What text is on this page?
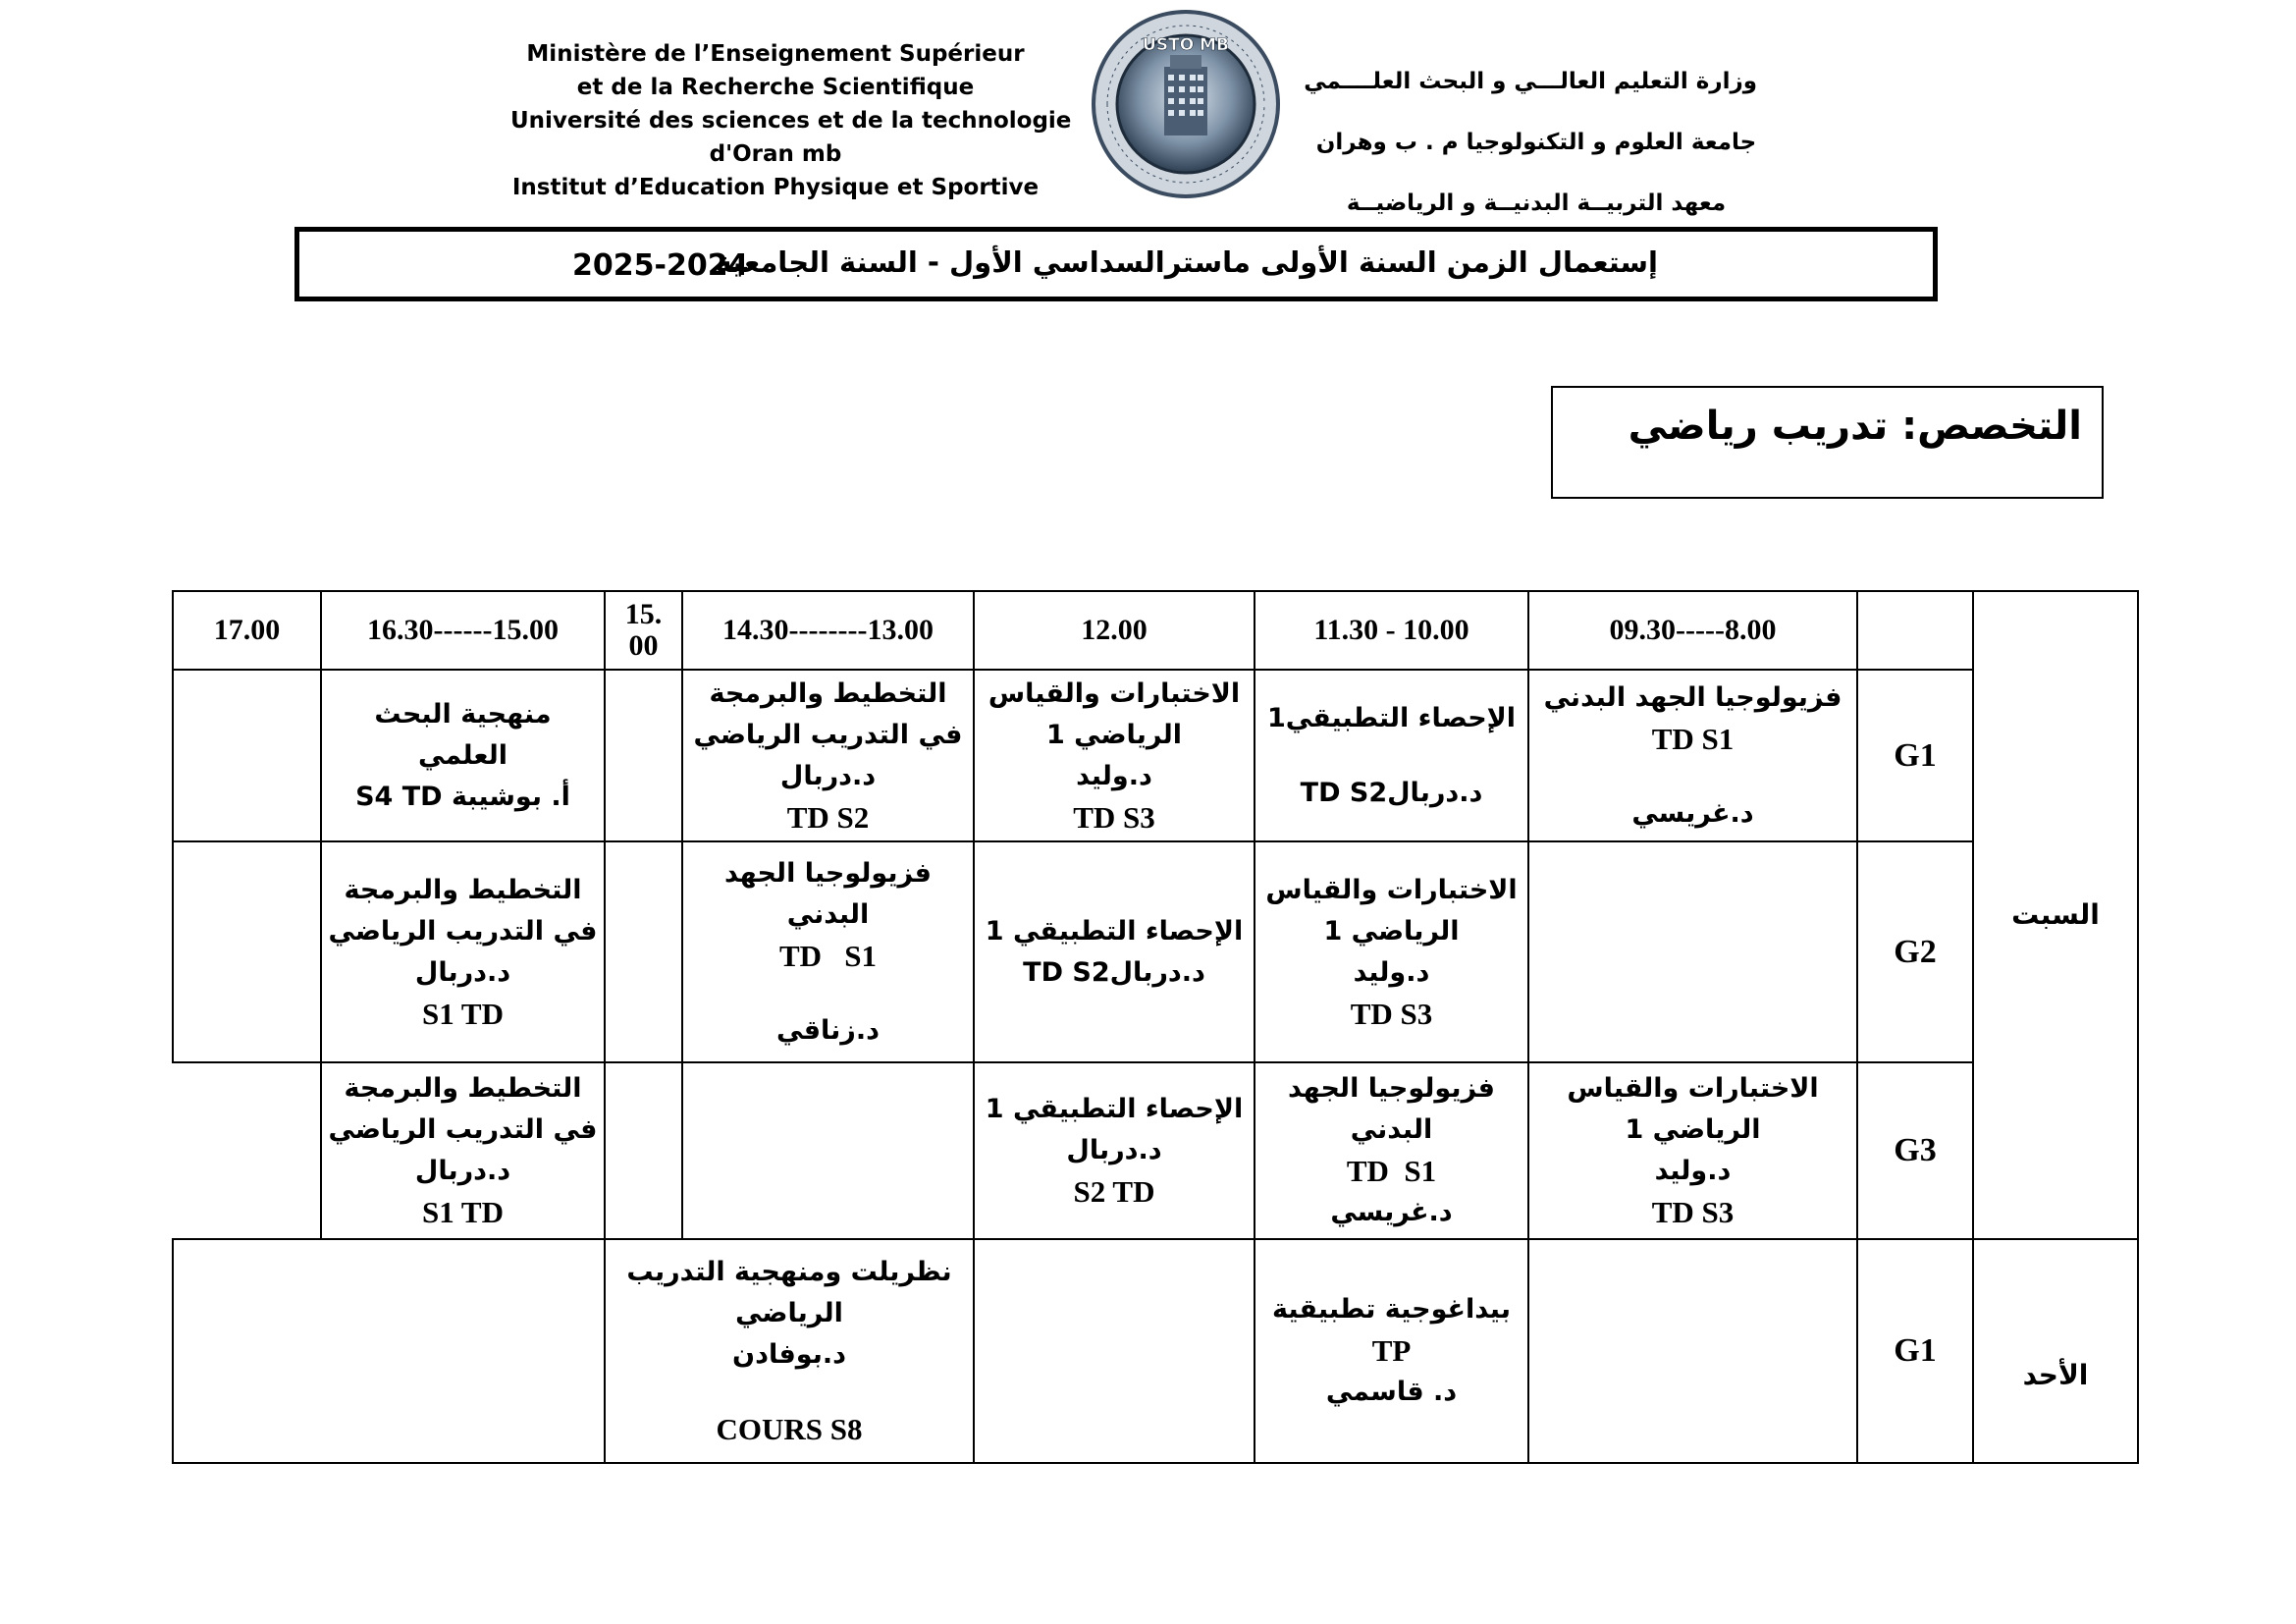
Ministère de l’Enseignement Supérieur
et de la Recherche Scientifique
Université des sciences et de la technologie
d'Oran mb
Institut d’Education Physique et Sportive
USTO MB
وزارة التعليم العالـــي و البحث العلــــمي
جامعة العلوم و التكنولوجيا م . ب وهران
معهد التربيــة البدنيــة و الرياضيــة
إستعمال الزمن السنة الأولى ماسترالسداسي الأول - السنة الجامعية
2025-2024
التخصص: تدريب رياضي
17.00	16.30------15.00	15.
00	14.30--------13.00	12.00	11.30 - 10.00	09.30-----8.00		السبت

	منهجية البحث
العلمي
أ. بوشيبة S4 TD		التخطيط والبرمجة
في التدريب الرياضي
د.دربال
TD S2	الاختبارات والقياس
الرياضي 1
د.وليد
TD S3	الإحصاء التطبيقي1
د.دربالTD S2	فزيولوجيا الجهد البدني
TD S1
د.غريسي	G1	

	التخطيط والبرمجة
في التدريب الرياضي
د.دربال
S1 TD		فزيولوجيا الجهد
البدني
TD   S1
د.زناقي	الإحصاء التطبيقي 1
د.دربالTD S2	الاختبارات والقياس
الرياضي 1
د.وليد
TD S3		G2	

	التخطيط والبرمجة
في التدريب الرياضي
د.دربال
S1 TD			الإحصاء التطبيقي 1
د.دربال
S2 TD	فزيولوجيا الجهد
البدني
TD  S1
د.غريسي	الاختبارات والقياس
الرياضي 1
د.وليد
TD S3	G3	

		نظريلت ومنهجية التدريب
الرياضي
د.بوفادن
COURS S8			بيداغوجية تطبيقية
TP
د. قاسمي		G1	الأحد
